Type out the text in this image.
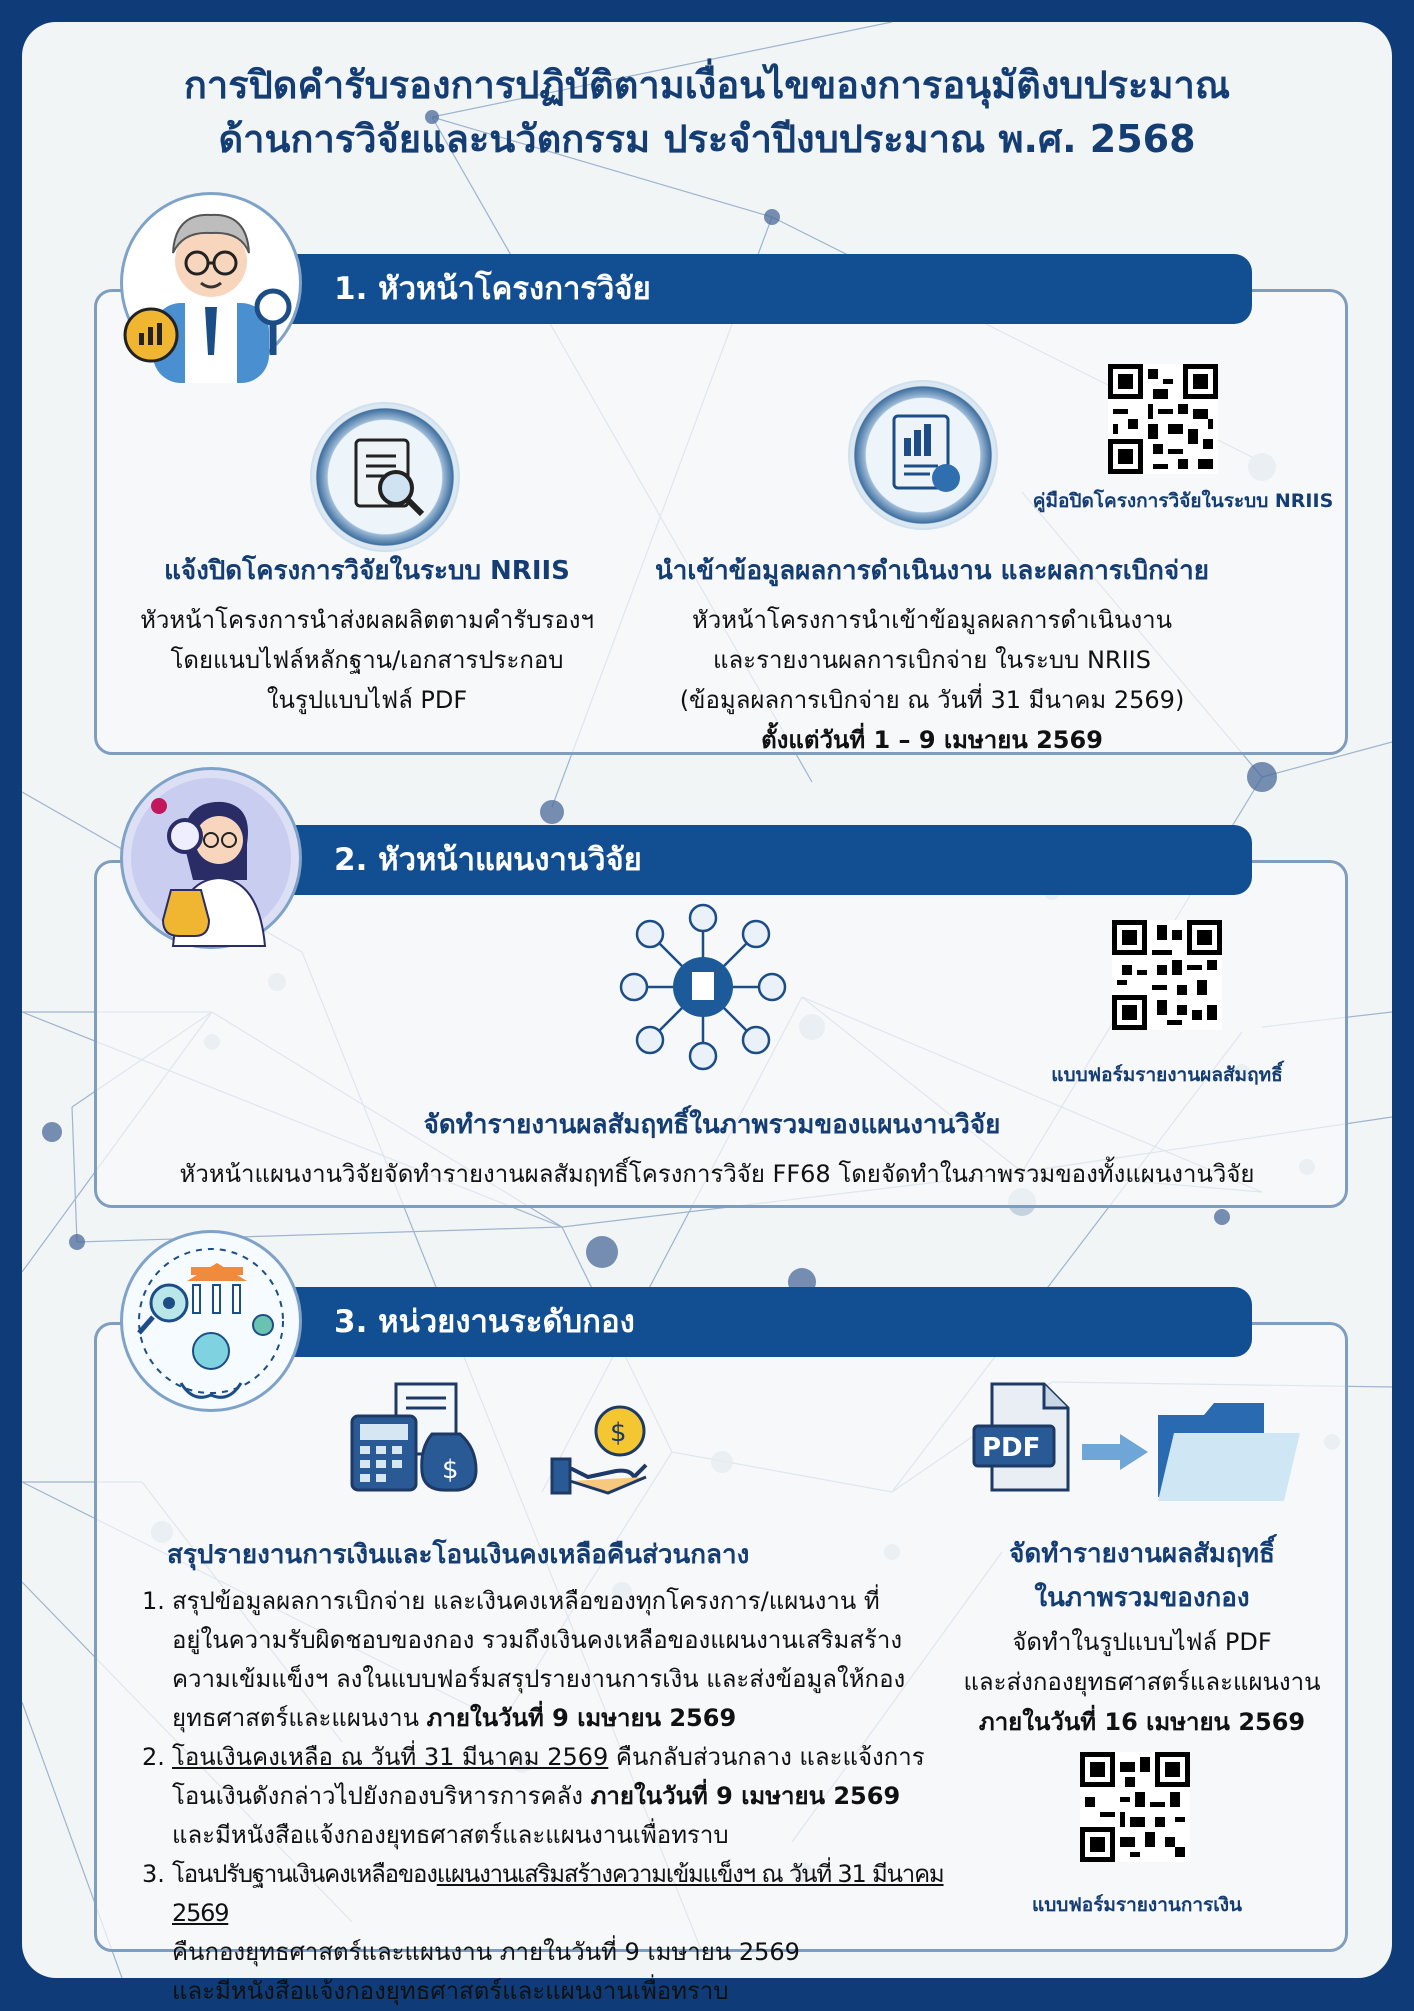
การปิดคำรับรองการปฏิบัติตามเงื่อนไขของการอนุมัติงบประมาณ
ด้านการวิจัยและนวัตกรรม ประจำปีงบประมาณ พ.ศ. 2568
1. หัวหน้าโครงการวิจัย
แจ้งปิดโครงการวิจัยในระบบ NRIIS
หัวหน้าโครงการนำส่งผลผลิตตามคำรับรองฯ
โดยแนบไฟล์หลักฐาน/เอกสารประกอบ
ในรูปแบบไฟล์ PDF
คู่มือปิดโครงการวิจัยในระบบ NRIIS
นำเข้าข้อมูลผลการดำเนินงาน และผลการเบิกจ่าย
หัวหน้าโครงการนำเข้าข้อมูลผลการดำเนินงาน
และรายงานผลการเบิกจ่าย ในระบบ NRIIS
(ข้อมูลผลการเบิกจ่าย ณ วันที่ 31 มีนาคม 2569)
ตั้งแต่วันที่ 1 – 9 เมษายน 2569
2. หัวหน้าแผนงานวิจัย
แบบฟอร์มรายงานผลสัมฤทธิ์
จัดทำรายงานผลสัมฤทธิ์ในภาพรวมของแผนงานวิจัย
หัวหน้าแผนงานวิจัยจัดทำรายงานผลสัมฤทธิ์โครงการวิจัย FF68 โดยจัดทำในภาพรวมของทั้งแผนงานวิจัย
3. หน่วยงานระดับกอง
$
$
สรุปรายงานการเงินและโอนเงินคงเหลือคืนส่วนกลาง
1. สรุปข้อมูลผลการเบิกจ่าย และเงินคงเหลือของทุกโครงการ/แผนงาน ที่
อยู่ในความรับผิดชอบของกอง รวมถึงเงินคงเหลือของแผนงานเสริมสร้าง
ความเข้มแข็งฯ ลงในแบบฟอร์มสรุปรายงานการเงิน และส่งข้อมูลให้กอง
ยุทธศาสตร์และแผนงาน ภายในวันที่ 9 เมษายน 2569
2. โอนเงินคงเหลือ ณ วันที่ 31 มีนาคม 2569 คืนกลับส่วนกลาง และแจ้งการ
โอนเงินดังกล่าวไปยังกองบริหารการคลัง ภายในวันที่ 9 เมษายน 2569
และมีหนังสือแจ้งกองยุทธศาสตร์และแผนงานเพื่อทราบ
3. โอนปรับฐานเงินคงเหลือของแผนงานเสริมสร้างความเข้มแข็งฯ ณ วันที่ 31 มีนาคม 2569
คืนกองยุทธศาสตร์และแผนงาน ภายในวันที่ 9 เมษายน 2569
และมีหนังสือแจ้งกองยุทธศาสตร์และแผนงานเพื่อทราบ
PDF
จัดทำรายงานผลสัมฤทธิ์
ในภาพรวมของกอง
จัดทำในรูปแบบไฟล์ PDF
และส่งกองยุทธศาสตร์และแผนงาน
ภายในวันที่ 16 เมษายน 2569
แบบฟอร์มรายงานการเงิน
